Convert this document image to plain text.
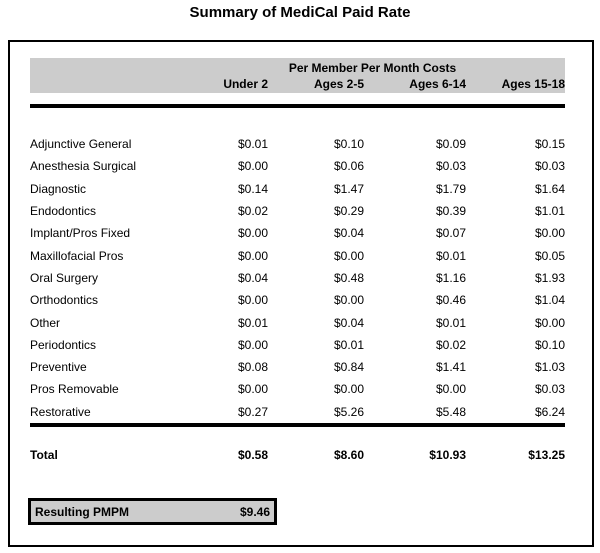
Summary of MediCal Paid Rate
	Per Member Per Month Costs			
	Under 2	Ages 2-5	Ages 6-14	Ages 15-18

Adjunctive General	$0.01	$0.10	$0.09	$0.15
Anesthesia Surgical	$0.00	$0.06	$0.03	$0.03
Diagnostic	$0.14	$1.47	$1.79	$1.64
Endodontics	$0.02	$0.29	$0.39	$1.01
Implant/Pros Fixed	$0.00	$0.04	$0.07	$0.00
Maxillofacial Pros	$0.00	$0.00	$0.01	$0.05
Oral Surgery	$0.04	$0.48	$1.16	$1.93
Orthodontics	$0.00	$0.00	$0.46	$1.04
Other	$0.01	$0.04	$0.01	$0.00
Periodontics	$0.00	$0.01	$0.02	$0.10
Preventive	$0.08	$0.84	$1.41	$1.03
Pros Removable	$0.00	$0.00	$0.00	$0.03
Restorative	$0.27	$5.26	$5.48	$6.24

Total	$0.58	$8.60	$10.93	$13.25
Resulting PMPM	$9.46
